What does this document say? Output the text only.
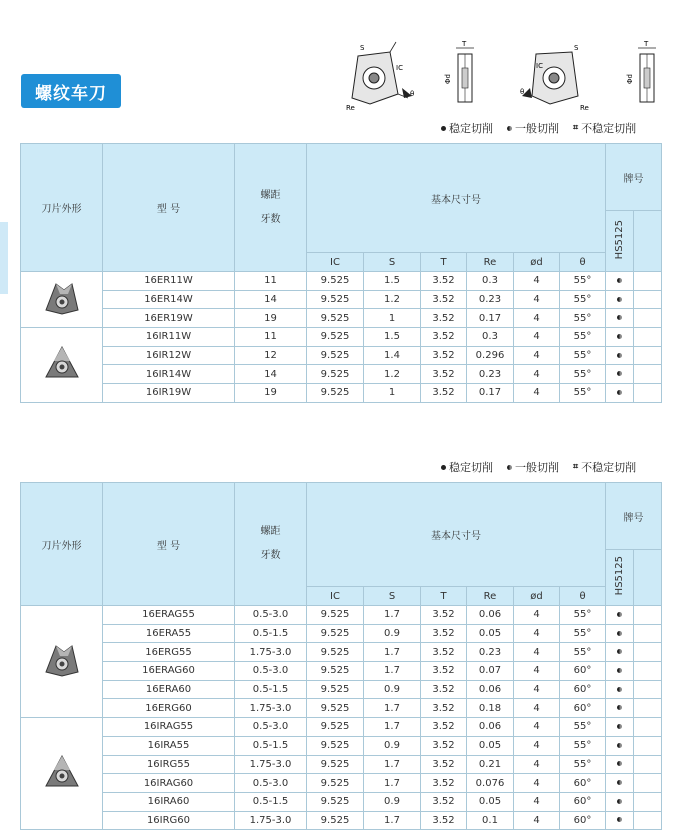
螺纹车刀
S
IC
Re
θ
T
Φd
S
IC
Re
θ
T
Φd
稳定切削 一般切削 ⌗ 不稳定切削
刀片外形	型 号	螺距
牙数	基本尺寸号						牌号	
									HS5125	
			IC	S	T	Re	ød	θ		
	16ER11W	11	9.525	1.5	3.52	0.3	4	55°		
	16ER14W	14	9.525	1.2	3.52	0.23	4	55°		
	16ER19W	19	9.525	1	3.52	0.17	4	55°		
	16IR11W	11	9.525	1.5	3.52	0.3	4	55°		
	16IR12W	12	9.525	1.4	3.52	0.296	4	55°		
	16IR14W	14	9.525	1.2	3.52	0.23	4	55°		
	16IR19W	19	9.525	1	3.52	0.17	4	55°		
稳定切削 一般切削 ⌗ 不稳定切削
刀片外形	型 号	螺距
牙数	基本尺寸号						牌号	
									HS5125	
			IC	S	T	Re	ød	θ		
	16ERAG55	0.5-3.0	9.525	1.7	3.52	0.06	4	55°		
	16ERA55	0.5-1.5	9.525	0.9	3.52	0.05	4	55°		
	16ERG55	1.75-3.0	9.525	1.7	3.52	0.23	4	55°		
	16ERAG60	0.5-3.0	9.525	1.7	3.52	0.07	4	60°		
	16ERA60	0.5-1.5	9.525	0.9	3.52	0.06	4	60°		
	16ERG60	1.75-3.0	9.525	1.7	3.52	0.18	4	60°		
	16IRAG55	0.5-3.0	9.525	1.7	3.52	0.06	4	55°		
	16IRA55	0.5-1.5	9.525	0.9	3.52	0.05	4	55°		
	16IRG55	1.75-3.0	9.525	1.7	3.52	0.21	4	55°		
	16IRAG60	0.5-3.0	9.525	1.7	3.52	0.076	4	60°		
	16IRA60	0.5-1.5	9.525	0.9	3.52	0.05	4	60°		
	16IRG60	1.75-3.0	9.525	1.7	3.52	0.1	4	60°		
